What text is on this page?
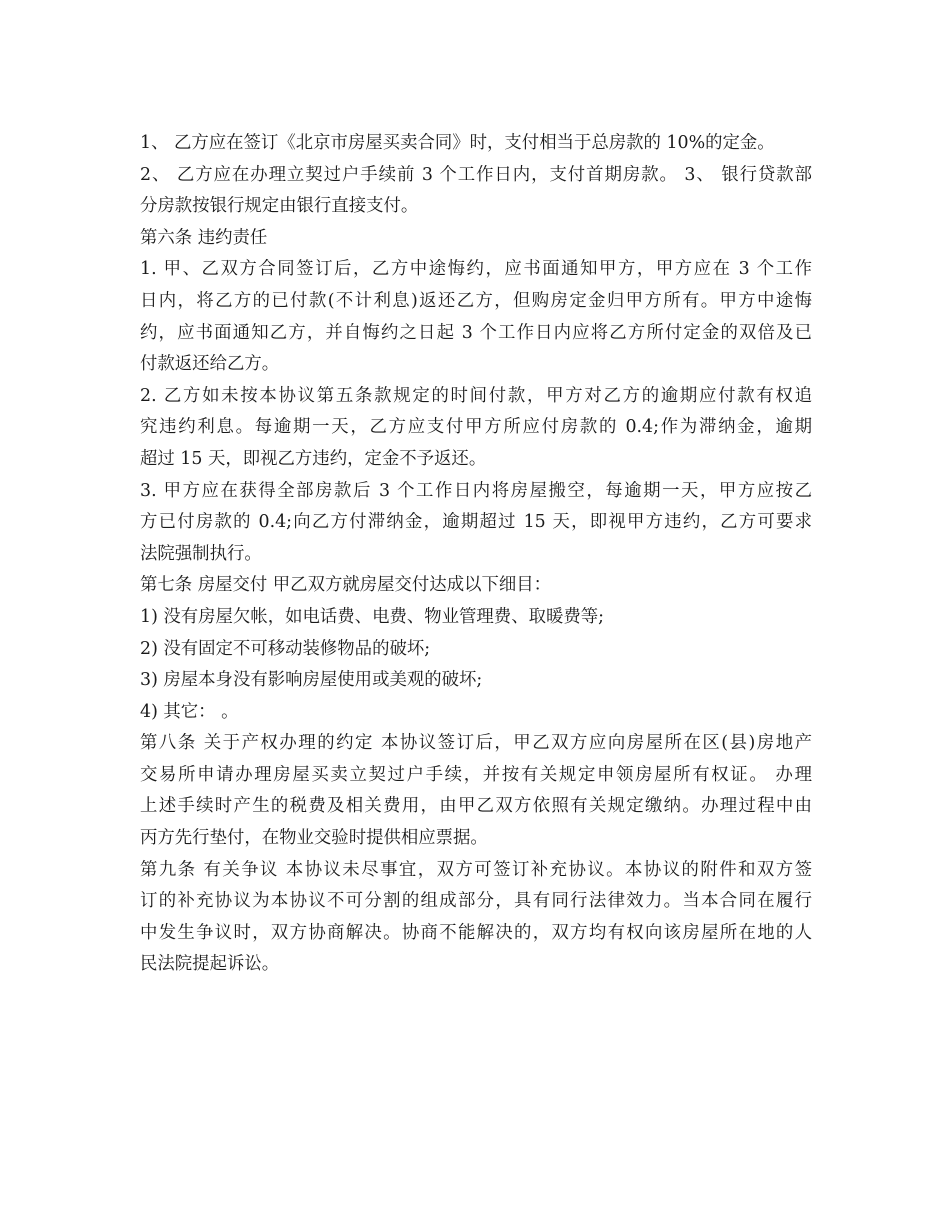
1、 乙方应在签订《北京市房屋买卖合同》时，支付相当于总房款的 10%的定金。
2、 乙方应在办理立契过户手续前 3 个工作日内，支付首期房款。 3、 银行贷款部
分房款按银行规定由银行直接支付。
第六条 违约责任
1. 甲、乙双方合同签订后，乙方中途悔约，应书面通知甲方，甲方应在 3 个工作
日内，将乙方的已付款(不计利息)返还乙方，但购房定金归甲方所有。甲方中途悔
约，应书面通知乙方，并自悔约之日起 3 个工作日内应将乙方所付定金的双倍及已
付款返还给乙方。
2. 乙方如未按本协议第五条款规定的时间付款，甲方对乙方的逾期应付款有权追
究违约利息。每逾期一天，乙方应支付甲方所应付房款的 0.4;作为滞纳金，逾期
超过 15 天，即视乙方违约，定金不予返还。
3. 甲方应在获得全部房款后 3 个工作日内将房屋搬空，每逾期一天，甲方应按乙
方已付房款的 0.4;向乙方付滞纳金，逾期超过 15 天，即视甲方违约，乙方可要求
法院强制执行。
第七条 房屋交付 甲乙双方就房屋交付达成以下细目：
1) 没有房屋欠帐，如电话费、电费、物业管理费、取暖费等;
2) 没有固定不可移动装修物品的破坏;
3) 房屋本身没有影响房屋使用或美观的破坏;
4) 其它： 。
第八条 关于产权办理的约定 本协议签订后，甲乙双方应向房屋所在区(县)房地产
交易所申请办理房屋买卖立契过户手续，并按有关规定申领房屋所有权证。 办理
上述手续时产生的税费及相关费用，由甲乙双方依照有关规定缴纳。办理过程中由
丙方先行垫付，在物业交验时提供相应票据。
第九条 有关争议 本协议未尽事宜，双方可签订补充协议。本协议的附件和双方签
订的补充协议为本协议不可分割的组成部分，具有同行法律效力。当本合同在履行
中发生争议时，双方协商解决。协商不能解决的，双方均有权向该房屋所在地的人
民法院提起诉讼。
